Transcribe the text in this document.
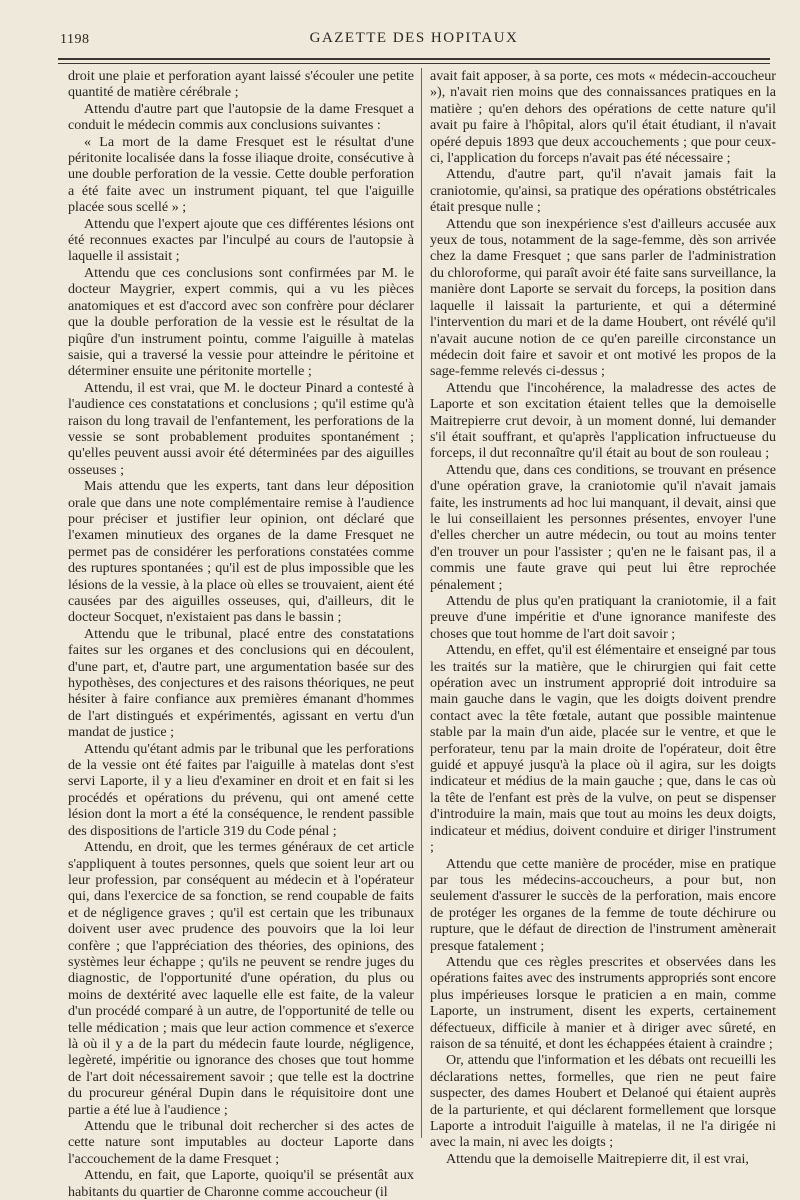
1198	GAZETTE DES HOPITAUX

droit une plaie et perforation ayant laissé s'écouler une petite quantité de matière cérébrale ;

Attendu d'autre part que l'autopsie de la dame Fresquet a conduit le médecin commis aux conclusions suivantes :

« La mort de la dame Fresquet est le résultat d'une péritonite localisée dans la fosse iliaque droite, consécutive à une double perforation de la vessie. Cette double perforation a été faite avec un instrument piquant, tel que l'aiguille placée sous scellé » ;

Attendu que l'expert ajoute que ces différentes lésions ont été reconnues exactes par l'inculpé au cours de l'autopsie à laquelle il assistait ;

Attendu que ces conclusions sont confirmées par M. le docteur Maygrier, expert commis, qui a vu les pièces anatomiques et est d'accord avec son confrère pour déclarer que la double perforation de la vessie est le résultat de la piqûre d'un instrument pointu, comme l'aiguille à matelas saisie, qui a traversé la vessie pour atteindre le péritoine et déterminer ensuite une péritonite mortelle ;

Attendu, il est vrai, que M. le docteur Pinard a contesté à l'audience ces constatations et conclusions ; qu'il estime qu'à raison du long travail de l'enfantement, les perforations de la vessie se sont probablement produites spontanément ; qu'elles peuvent aussi avoir été déterminées par des aiguilles osseuses ;

Mais attendu que les experts, tant dans leur déposition orale que dans une note complémentaire remise à l'audience pour préciser et justifier leur opinion, ont déclaré que l'examen minutieux des organes de la dame Fresquet ne permet pas de considérer les perforations constatées comme des ruptures spontanées ; qu'il est de plus impossible que les lésions de la vessie, à la place où elles se trouvaient, aient été causées par des aiguilles osseuses, qui, d'ailleurs, dit le docteur Socquet, n'existaient pas dans le bassin ;

Attendu que le tribunal, placé entre des constatations faites sur les organes et des conclusions qui en découlent, d'une part, et, d'autre part, une argumentation basée sur des hypothèses, des conjectures et des raisons théoriques, ne peut hésiter à faire confiance aux premières émanant d'hommes de l'art distingués et expérimentés, agissant en vertu d'un mandat de justice ;

Attendu qu'étant admis par le tribunal que les perforations de la vessie ont été faites par l'aiguille à matelas dont s'est servi Laporte, il y a lieu d'examiner en droit et en fait si les procédés et opérations du prévenu, qui ont amené cette lésion dont la mort a été la conséquence, le rendent passible des dispositions de l'article 319 du Code pénal ;

Attendu, en droit, que les termes généraux de cet article s'appliquent à toutes personnes, quels que soient leur art ou leur profession, par conséquent au médecin et à l'opérateur qui, dans l'exercice de sa fonction, se rend coupable de faits et de négligence graves ; qu'il est certain que les tribunaux doivent user avec prudence des pouvoirs que la loi leur confère ; que l'appréciation des théories, des opinions, des systèmes leur échappe ; qu'ils ne peuvent se rendre juges du diagnostic, de l'opportunité d'une opération, du plus ou moins de dextérité avec laquelle elle est faite, de la valeur d'un procédé comparé à un autre, de l'opportunité de telle ou telle médication ; mais que leur action commence et s'exerce là où il y a de la part du médecin faute lourde, négligence, legèreté, impéritie ou ignorance des choses que tout homme de l'art doit nécessairement savoir ; que telle est la doctrine du procureur général Dupin dans le réquisitoire dont une partie a été lue à l'audience ;

Attendu que le tribunal doit rechercher si des actes de cette nature sont imputables au docteur Laporte dans l'accouchement de la dame Fresquet ;

Attendu, en fait, que Laporte, quoiqu'il se présentât aux habitants du quartier de Charonne comme accoucheur (il

avait fait apposer, à sa porte, ces mots « médecin-accoucheur »), n'avait rien moins que des connaissances pratiques en la matière ; qu'en dehors des opérations de cette nature qu'il avait pu faire à l'hôpital, alors qu'il était étudiant, il n'avait opéré depuis 1893 que deux accouchements ; que pour ceux-ci, l'application du forceps n'avait pas été nécessaire ;

Attendu, d'autre part, qu'il n'avait jamais fait la craniotomie, qu'ainsi, sa pratique des opérations obstétricales était presque nulle ;

Attendu que son inexpérience s'est d'ailleurs accusée aux yeux de tous, notamment de la sage-femme, dès son arrivée chez la dame Fresquet ; que sans parler de l'administration du chloroforme, qui paraît avoir été faite sans surveillance, la manière dont Laporte se servait du forceps, la position dans laquelle il laissait la parturiente, et qui a déterminé l'intervention du mari et de la dame Houbert, ont révélé qu'il n'avait aucune notion de ce qu'en pareille circonstance un médecin doit faire et savoir et ont motivé les propos de la sage-femme relevés ci-dessus ;

Attendu que l'incohérence, la maladresse des actes de Laporte et son excitation étaient telles que la demoiselle Maitrepierre crut devoir, à un moment donné, lui demander s'il était souffrant, et qu'après l'application infructueuse du forceps, il dut reconnaître qu'il était au bout de son rouleau ;

Attendu que, dans ces conditions, se trouvant en présence d'une opération grave, la craniotomie qu'il n'avait jamais faite, les instruments ad hoc lui manquant, il devait, ainsi que le lui conseillaient les personnes présentes, envoyer l'une d'elles chercher un autre médecin, ou tout au moins tenter d'en trouver un pour l'assister ; qu'en ne le faisant pas, il a commis une faute grave qui peut lui être reprochée pénalement ;

Attendu de plus qu'en pratiquant la craniotomie, il a fait preuve d'une impéritie et d'une ignorance manifeste des choses que tout homme de l'art doit savoir ;

Attendu, en effet, qu'il est élémentaire et enseigné par tous les traités sur la matière, que le chirurgien qui fait cette opération avec un instrument approprié doit introduire sa main gauche dans le vagin, que les doigts doivent prendre contact avec la tête fœtale, autant que possible maintenue stable par la main d'un aide, placée sur le ventre, et que le perforateur, tenu par la main droite de l'opérateur, doit être guidé et appuyé jusqu'à la place où il agira, sur les doigts indicateur et médius de la main gauche ; que, dans le cas où la tête de l'enfant est près de la vulve, on peut se dispenser d'introduire la main, mais que tout au moins les deux doigts, indicateur et médius, doivent conduire et diriger l'instrument ;

Attendu que cette manière de procéder, mise en pratique par tous les médecins-accoucheurs, a pour but, non seulement d'assurer le succès de la perforation, mais encore de protéger les organes de la femme de toute déchirure ou rupture, que le défaut de direction de l'instrument amènerait presque fatalement ;

Attendu que ces règles prescrites et observées dans les opérations faites avec des instruments appropriés sont encore plus impérieuses lorsque le praticien a en main, comme Laporte, un instrument, disent les experts, certainement défectueux, difficile à manier et à diriger avec sûreté, en raison de sa ténuité, et dont les échappées étaient à craindre ;

Or, attendu que l'information et les débats ont recueilli les déclarations nettes, formelles, que rien ne peut faire suspecter, des dames Houbert et Delanoé qui étaient auprès de la parturiente, et qui déclarent formellement que lorsque Laporte a introduit l'aiguille à matelas, il ne l'a dirigée ni avec la main, ni avec les doigts ;

Attendu que la demoiselle Maitrepierre dit, il est vrai,
